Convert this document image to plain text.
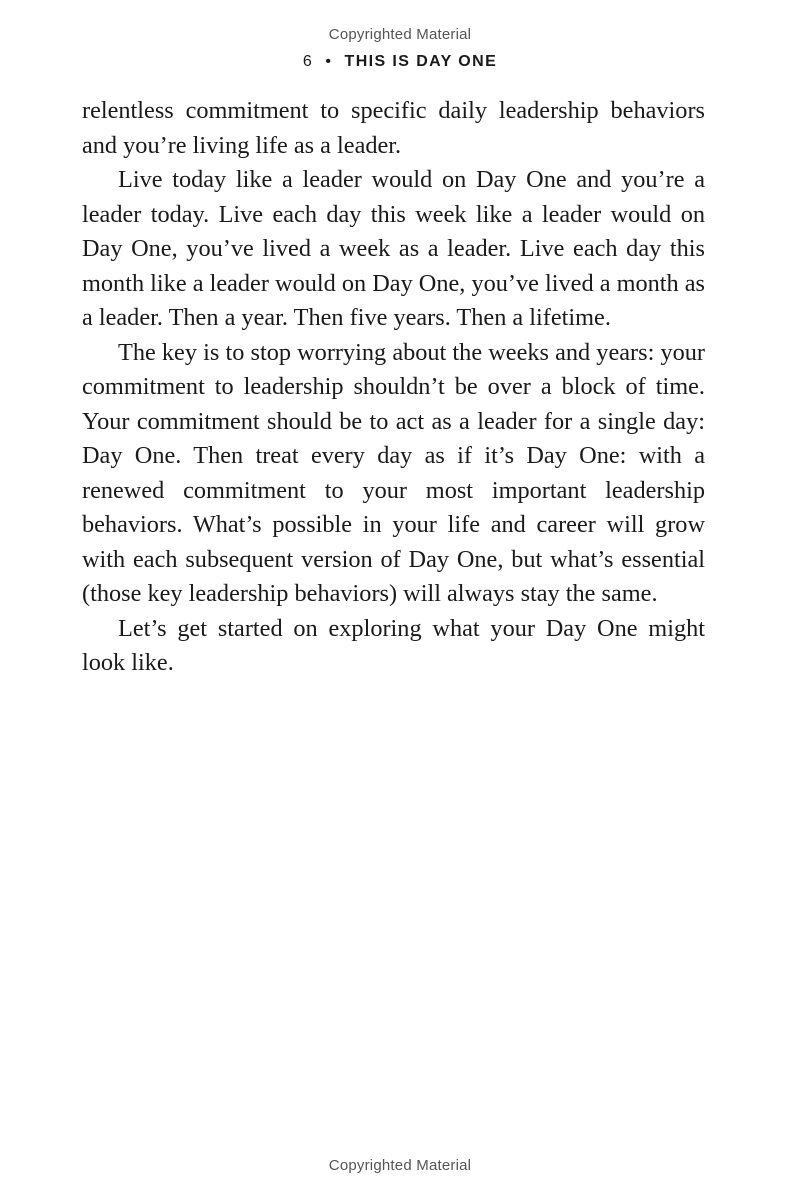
Copyrighted Material
6 • THIS IS DAY ONE

relentless commitment to specific daily leadership behaviors and you’re living life as a leader.

Live today like a leader would on Day One and you’re a leader today. Live each day this week like a leader would on Day One, you’ve lived a week as a leader. Live each day this month like a leader would on Day One, you’ve lived a month as a leader. Then a year. Then five years. Then a lifetime.

The key is to stop worrying about the weeks and years: your commitment to leadership shouldn’t be over a block of time. Your commitment should be to act as a leader for a single day: Day One. Then treat every day as if it’s Day One: with a renewed commitment to your most important leadership behaviors. What’s possible in your life and career will grow with each subsequent version of Day One, but what’s essential (those key leadership behaviors) will always stay the same.

Let’s get started on exploring what your Day One might look like.

Copyrighted Material
